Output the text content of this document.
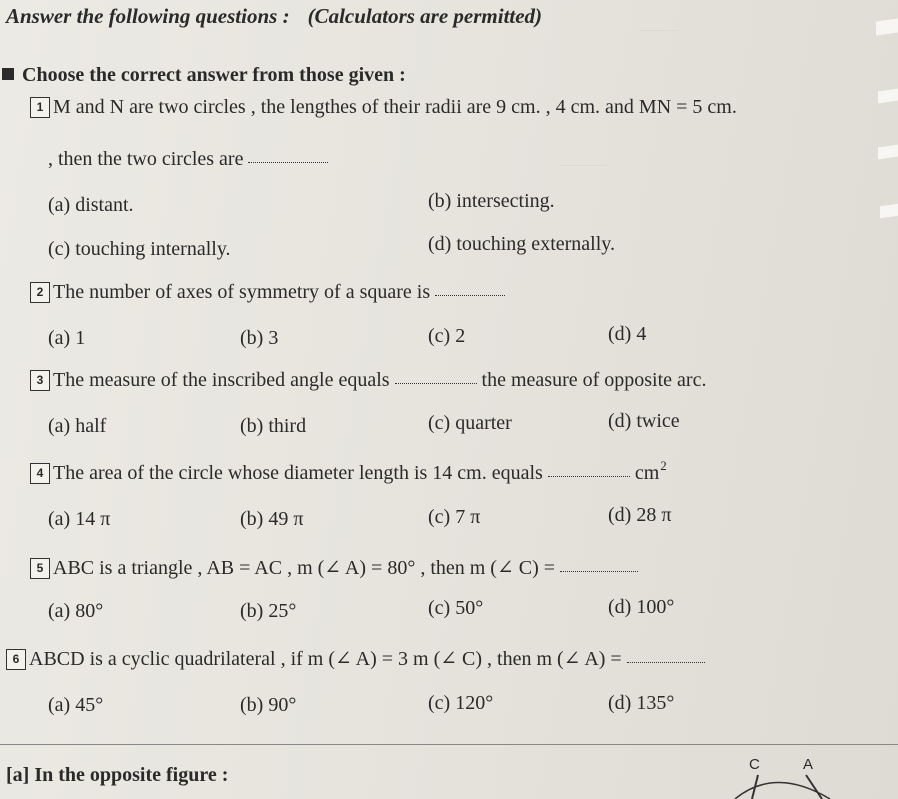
‾‾‾‾‾‾‾‾
‾‾‾‾‾‾‾‾‾‾
Answer the following questions : (Calculators are permitted)
Choose the correct answer from those given :
1 M and N are two circles , the lengthes of their radii are 9 cm. , 4 cm. and MN = 5 cm.
, then the two circles are
(a) distant.	(b) intersecting.
(c) touching internally.	(d) touching externally.
2 The number of axes of symmetry of a square is
(a) 1	(b) 3	(c) 2	(d) 4
3 The measure of the inscribed angle equals	the measure of opposite arc.
(a) half	(b) third	(c) quarter	(d) twice
4 The area of the circle whose diameter length is 14 cm. equals	$cm^2$
(a) 14 π	(b) 49 π	(c) 7 π	(d) 28 π
5 ABC is a triangle , AB = AC , m (∠ A) = 80° , then m (∠ C) =
(a) 80°	(b) 25°	(c) 50°	(d) 100°
6 ABCD is a cyclic quadrilateral , if m (∠ A) = 3 m (∠ C) , then m (∠ A) =
(a) 45°	(b) 90°	(c) 120°	(d) 135°
[a] In the opposite figure :	C	A
